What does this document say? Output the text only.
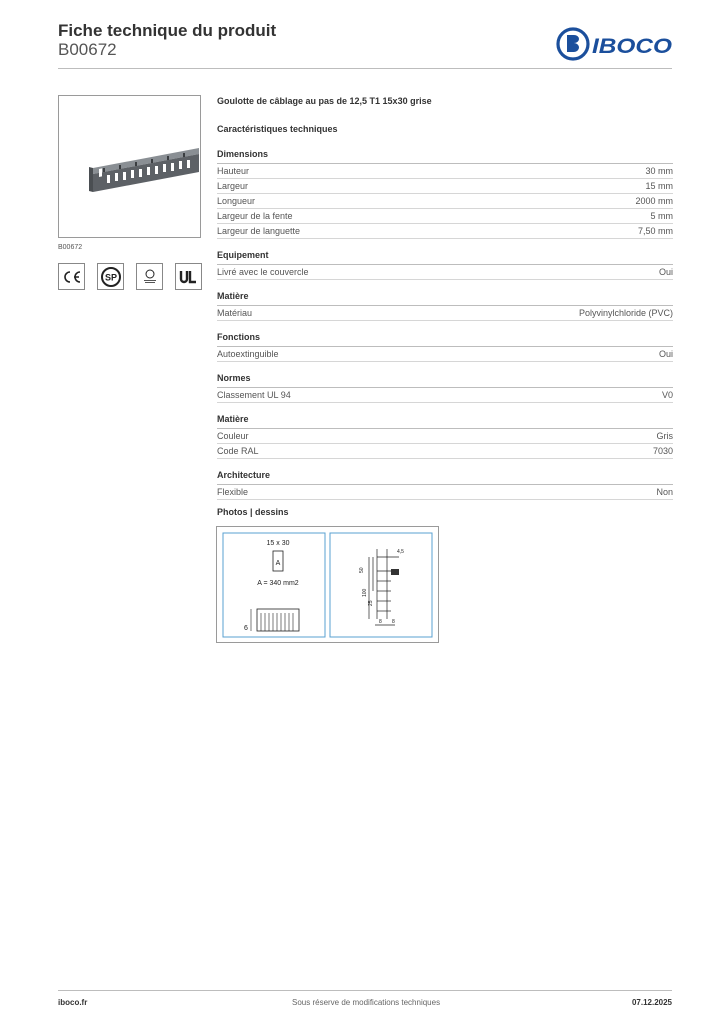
Fiche technique du produit
B00672	IBOCO
B00672
SP
Goulotte de câblage au pas de 12,5 T1 15x30 grise
Caractéristiques techniques
Dimensions
Hauteur	30 mm
Largeur	15 mm
Longueur	2000 mm
Largeur de la fente	5 mm
Largeur de languette	7,50 mm
Equipement
Livré avec le couvercle	Oui
Matière
Matériau	Polyvinylchloride (PVC)
Fonctions
Autoextinguible	Oui
Normes
Classement UL 94	V0
Matière
Couleur	Gris
Code RAL	7030
Architecture
Flexible	Non
Photos | dessins
15 x 30
A
A = 340 mm2
6
4,5
50
100
25
8 8
iboco.fr	Sous réserve de modifications techniques	07.12.2025
